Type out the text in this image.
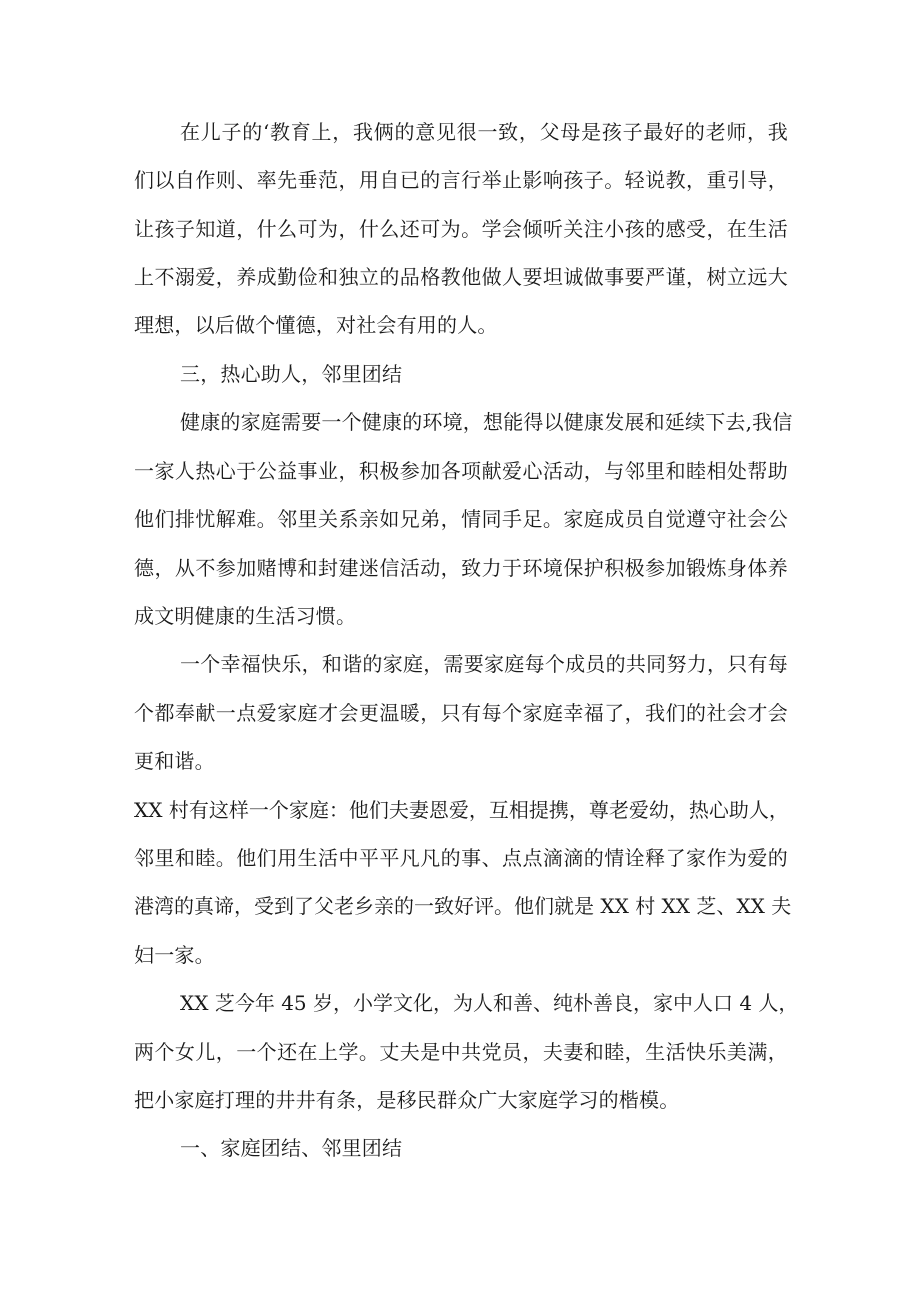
在儿子的‘教育上，我俩的意见很一致，父母是孩子最好的老师，我
们以自作则、率先垂范，用自已的言行举止影响孩子。轻说教，重引导，
让孩子知道，什么可为，什么还可为。学会倾听关注小孩的感受，在生活
上不溺爱，养成勤俭和独立的品格教他做人要坦诚做事要严谨，树立远大
理想，以后做个懂德，对社会有用的人。
三，热心助人，邻里团结
健康的家庭需要一个健康的环境，想能得以健康发展和延续下去,我信
一家人热心于公益事业，积极参加各项献爱心活动，与邻里和睦相处帮助
他们排忧解难。邻里关系亲如兄弟，情同手足。家庭成员自觉遵守社会公
德，从不参加赌博和封建迷信活动，致力于环境保护积极参加锻炼身体养
成文明健康的生活习惯。
一个幸福快乐，和谐的家庭，需要家庭每个成员的共同努力，只有每
个都奉献一点爱家庭才会更温暖，只有每个家庭幸福了，我们的社会才会
更和谐。
XX 村有这样一个家庭：他们夫妻恩爱，互相提携，尊老爱幼，热心助人，
邻里和睦。他们用生活中平平凡凡的事、点点滴滴的情诠释了家作为爱的
港湾的真谛，受到了父老乡亲的一致好评。他们就是 XX 村 XX 芝、XX 夫
妇一家。
XX 芝今年 45 岁，小学文化，为人和善、纯朴善良，家中人口 4 人，
两个女儿，一个还在上学。丈夫是中共党员，夫妻和睦，生活快乐美满，
把小家庭打理的井井有条，是移民群众广大家庭学习的楷模。
一、家庭团结、邻里团结
